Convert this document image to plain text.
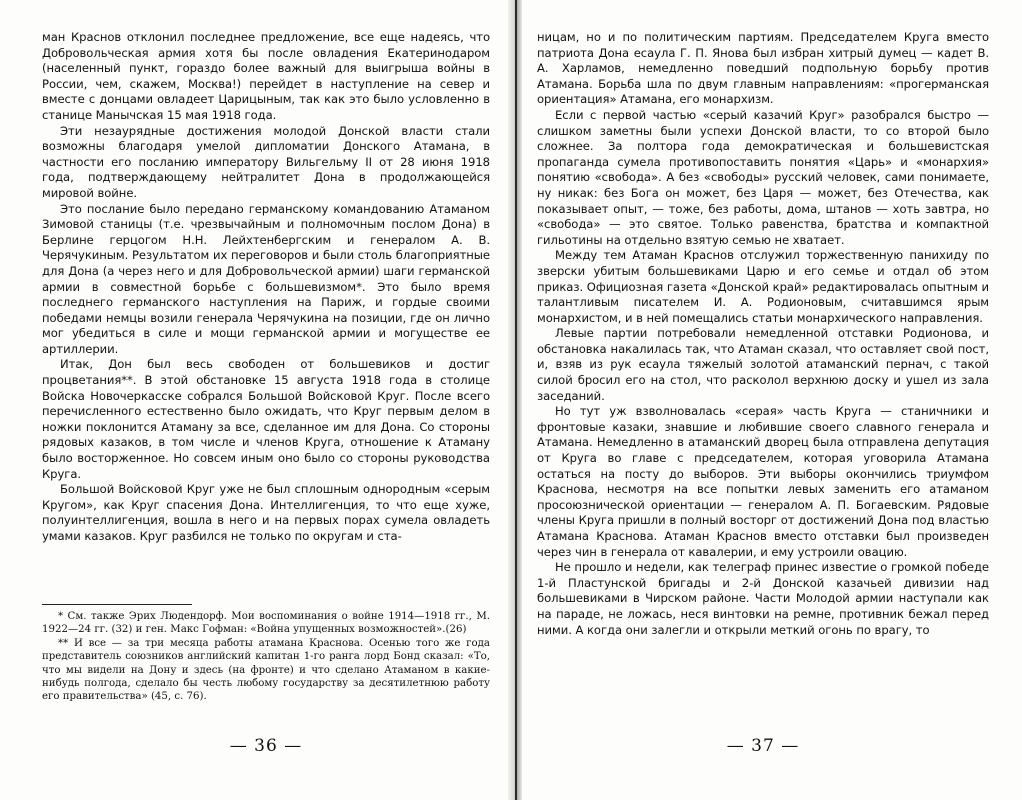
ман Краснов отклонил последнее предложение, все еще надеясь, что Добровольческая армия хотя бы после овладения Екатеринодаром (населенный пункт, гораздо более важный для выигрыша войны в России, чем, скажем, Москва!) перейдет в наступление на север и вместе с донцами овладеет Царицыным, так как это было условленно в станице Манычская 15 мая 1918 года.

Эти незаурядные достижения молодой Донской власти стали возможны благодаря умелой дипломатии Донского Атамана, в частности его посланию императору Вильгельму II от 28 июня 1918 года, подтверждающему нейтралитет Дона в продолжающейся мировой войне.

Это послание было передано германскому командованию Атаманом Зимовой станицы (т.е. чрезвычайным и полномочным послом Дона) в Берлине герцогом Н.Н. Лейхтенбергским и генералом А. В. Черячукиным. Результатом их переговоров и были столь благоприятные для Дона (а через него и для Добровольческой армии) шаги германской армии в совместной борьбе с большевизмом*. Это было время последнего германского наступления на Париж, и гордые своими победами немцы возили генерала Черячукина на позиции, где он лично мог убедиться в силе и мощи германской армии и могуществе ее артиллерии.

Итак, Дон был весь свободен от большевиков и достиг процветания**. В этой обстановке 15 августа 1918 года в столице Войска Новочеркасске собрался Большой Войсковой Круг. После всего перечисленного естественно было ожидать, что Круг первым делом в ножки поклонится Атаману за все, сделанное им для Дона. Со стороны рядовых казаков, в том числе и членов Круга, отношение к Атаману было восторженное. Но совсем иным оно было со стороны руководства Круга.

Большой Войсковой Круг уже не был сплошным однородным «серым Кругом», как Круг спасения Дона. Интеллигенция, то что еще хуже, полуинтеллигенция, вошла в него и на первых порах сумела овладеть умами казаков. Круг разбился не только по округам и ста-

* См. также Эрих Людендорф. Мои воспоминания о войне 1914—1918 гг., М. 1922—24 гг. (32) и ген. Макс Гофман: «Война упущенных возможностей».(26)

** И все — за три месяца работы атамана Краснова. Осенью того же года представитель союзников английский капитан 1-го ранга лорд Бонд сказал: «То, что мы видели на Дону и здесь (на фронте) и что сделано Атаманом в какие-нибудь полгода, сделало бы честь любому государству за десятилетнюю работу его правительства» (45, с. 76).

— 36 —

ницам, но и по политическим партиям. Председателем Круга вместо патриота Дона есаула Г. П. Янова был избран хитрый думец — кадет В. А. Харламов, немедленно поведший подпольную борьбу против Атамана. Борьба шла по двум главным направлениям: «прогерманская ориентация» Атамана, его монархизм.

Если с первой частью «серый казачий Круг» разобрался быстро — слишком заметны были успехи Донской власти, то со второй было сложнее. За полтора года демократическая и большевистская пропаганда сумела противопоставить понятия «Царь» и «монархия» понятию «свобода». А без «свободы» русский человек, сами понимаете, ну никак: без Бога он может, без Царя — может, без Отечества, как показывает опыт, — тоже, без работы, дома, штанов — хоть завтра, но «свобода» — это святое. Только равенства, братства и компактной гильотины на отдельно взятую семью не хватает.

Между тем Атаман Краснов отслужил торжественную панихиду по зверски убитым большевиками Царю и его семье и отдал об этом приказ. Официозная газета «Донской край» редактировалась опытным и талантливым писателем И. А. Родионовым, считавшимся ярым монархистом, и в ней помещались статьи монархического направления.

Левые партии потребовали немедленной отставки Родионова, и обстановка накалилась так, что Атаман сказал, что оставляет свой пост, и, взяв из рук есаула тяжелый золотой атаманский пернач, с такой силой бросил его на стол, что расколол верхнюю доску и ушел из зала заседаний.

Но тут уж взволновалась «серая» часть Круга — станичники и фронтовые казаки, знавшие и любившие своего славного генерала и Атамана. Немедленно в атаманский дворец была отправлена депутация от Круга во главе с председателем, которая уговорила Атамана остаться на посту до выборов. Эти выборы окончились триумфом Краснова, несмотря на все попытки левых заменить его атаманом просоюзнической ориентации — генералом А. П. Богаевским. Рядовые члены Круга пришли в полный восторг от достижений Дона под властью Атамана Краснова. Атаман Краснов вместо отставки был произведен через чин в генерала от кавалерии, и ему устроили овацию.

Не прошло и недели, как телеграф принес известие о громкой победе 1-й Пластунской бригады и 2-й Донской казачьей дивизии над большевиками в Чирском районе. Части Молодой армии наступали как на параде, не ложась, неся винтовки на ремне, противник бежал перед ними. А когда они залегли и открыли меткий огонь по врагу, то

— 37 —
